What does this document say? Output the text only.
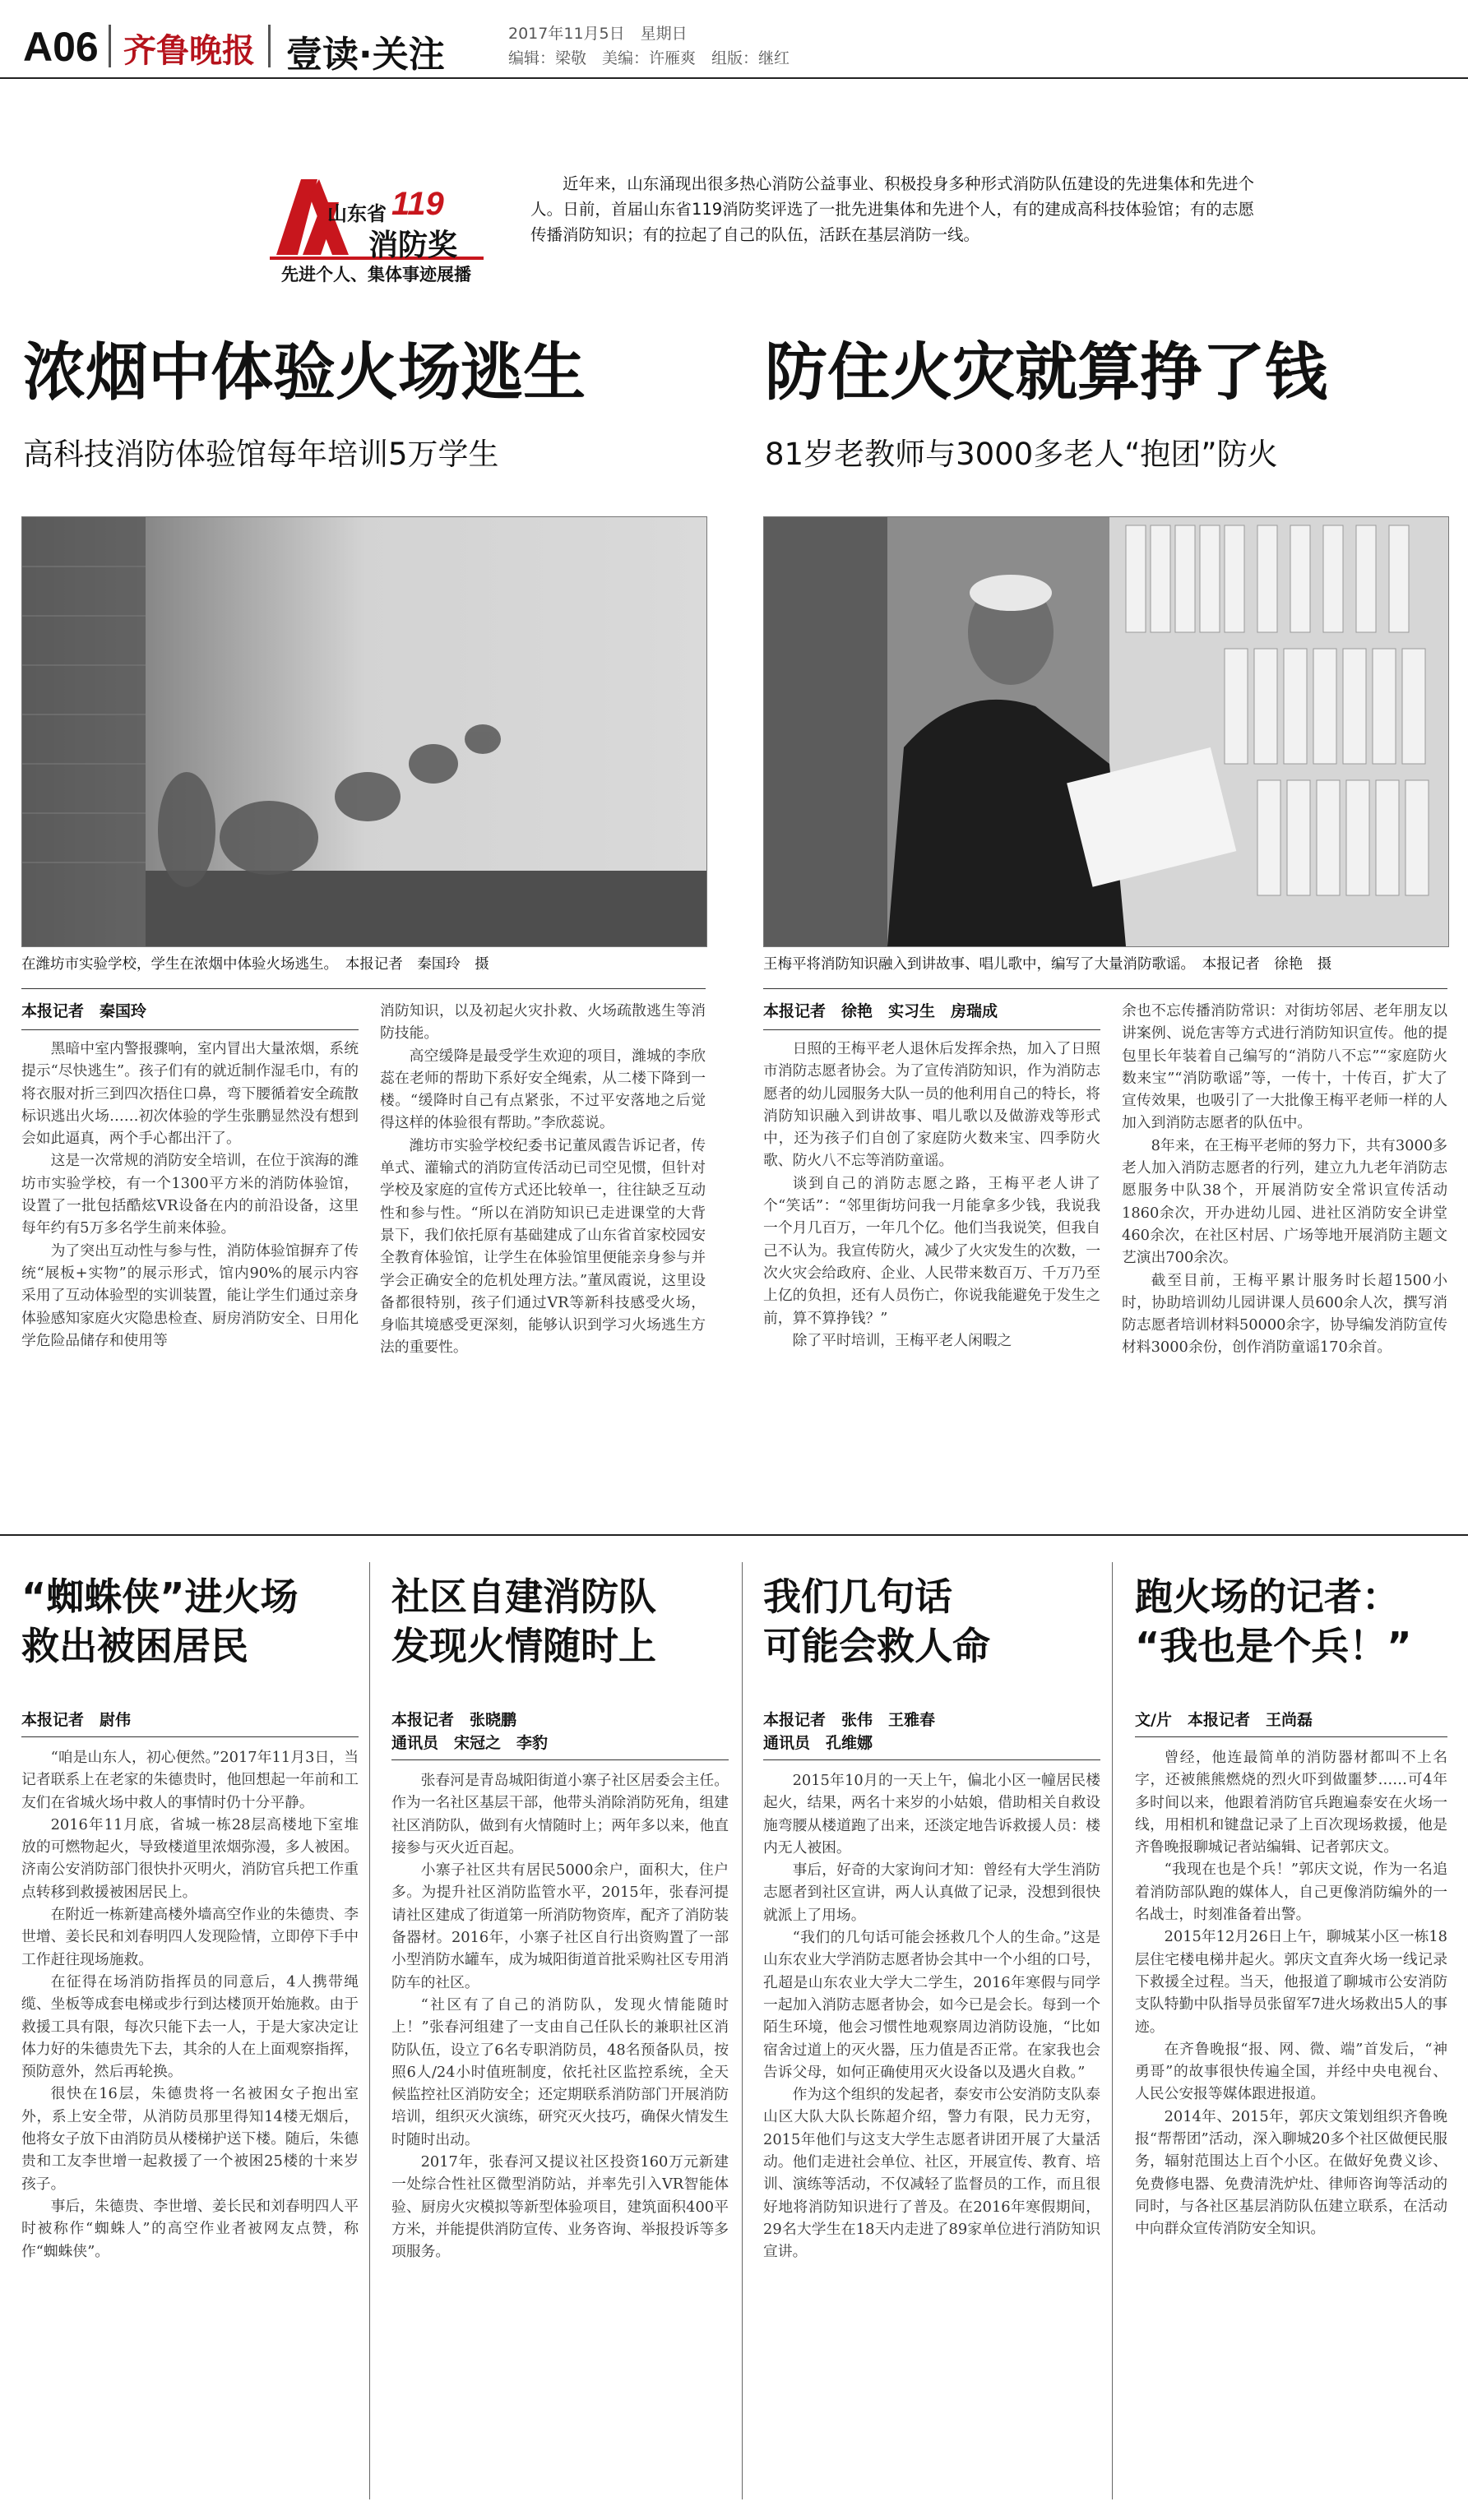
A06 齐鲁晚报 壹读·关注	2017年11月5日　星期日
编辑：梁敬　美编：许雁爽　组版：继红
山东省 119
消防奖
先进个人、集体事迹展播
近年来，山东涌现出很多热心消防公益事业、积极投身多种形式消防队伍建设的先进集体和先进个人。日前，首届山东省119消防奖评选了一批先进集体和先进个人，有的建成高科技体验馆；有的志愿传播消防知识；有的拉起了自己的队伍，活跃在基层消防一线。
浓烟中体验火场逃生
高科技消防体验馆每年培训5万学生
在潍坊市实验学校，学生在浓烟中体验火场逃生。　本报记者　秦国玲　摄
本报记者　秦国玲

黑暗中室内警报骤响，室内冒出大量浓烟，系统提示“尽快逃生”。孩子们有的就近制作湿毛巾，有的将衣服对折三到四次捂住口鼻，弯下腰循着安全疏散标识逃出火场……初次体验的学生张鹏显然没有想到会如此逼真，两个手心都出汗了。

这是一次常规的消防安全培训，在位于滨海的潍坊市实验学校，有一个1300平方米的消防体验馆，设置了一批包括酷炫VR设备在内的前沿设备，这里每年约有5万多名学生前来体验。

为了突出互动性与参与性，消防体验馆摒弃了传统“展板+实物”的展示形式，馆内90%的展示内容采用了互动体验型的实训装置，能让学生们通过亲身体验感知家庭火灾隐患检查、厨房消防安全、日用化学危险品储存和使用等

消防知识，以及初起火灾扑救、火场疏散逃生等消防技能。

高空缓降是最受学生欢迎的项目，潍城的李欣蕊在老师的帮助下系好安全绳索，从二楼下降到一楼。“缓降时自己有点紧张，不过平安落地之后觉得这样的体验很有帮助。”李欣蕊说。

潍坊市实验学校纪委书记董凤霞告诉记者，传单式、灌输式的消防宣传活动已司空见惯，但针对学校及家庭的宣传方式还比较单一，往往缺乏互动性和参与性。“所以在消防知识已走进课堂的大背景下，我们依托原有基础建成了山东省首家校园安全教育体验馆，让学生在体验馆里便能亲身参与并学会正确安全的危机处理方法。”董凤霞说，这里设备都很特别，孩子们通过VR等新科技感受火场，身临其境感受更深刻，能够认识到学习火场逃生方法的重要性。

防住火灾就算挣了钱
81岁老教师与3000多老人“抱团”防火
王梅平将消防知识融入到讲故事、唱儿歌中，编写了大量消防歌谣。　本报记者　徐艳　摄
本报记者　徐艳　实习生　房瑞成

日照的王梅平老人退休后发挥余热，加入了日照市消防志愿者协会。为了宣传消防知识，作为消防志愿者的幼儿园服务大队一员的他利用自己的特长，将消防知识融入到讲故事、唱儿歌以及做游戏等形式中，还为孩子们自创了家庭防火数来宝、四季防火歌、防火八不忘等消防童谣。

谈到自己的消防志愿之路，王梅平老人讲了个“笑话”：“邻里街坊问我一月能拿多少钱，我说我一个月几百万，一年几个亿。他们当我说笑，但我自己不认为。我宣传防火，减少了火灾发生的次数，一次火灾会给政府、企业、人民带来数百万、千万乃至上亿的负担，还有人员伤亡，你说我能避免于发生之前，算不算挣钱？”

除了平时培训，王梅平老人闲暇之

余也不忘传播消防常识：对街坊邻居、老年朋友以讲案例、说危害等方式进行消防知识宣传。他的提包里长年装着自己编写的“消防八不忘”“家庭防火数来宝”“消防歌谣”等，一传十，十传百，扩大了宣传效果，也吸引了一大批像王梅平老师一样的人加入到消防志愿者的队伍中。

8年来，在王梅平老师的努力下，共有3000多老人加入消防志愿者的行列，建立九九老年消防志愿服务中队38个，开展消防安全常识宣传活动1860余次，开办进幼儿园、进社区消防安全讲堂460余次，在社区村居、广场等地开展消防主题文艺演出700余次。

截至目前，王梅平累计服务时长超1500小时，协助培训幼儿园讲课人员600余人次，撰写消防志愿者培训材料50000余字，协导编发消防宣传材料3000余份，创作消防童谣170余首。

“蜘蛛侠”进火场
救出被困居民
本报记者　尉伟

“咱是山东人，初心便然。”2017年11月3日，当记者联系上在老家的朱德贵时，他回想起一年前和工友们在省城火场中救人的事情时仍十分平静。

2016年11月底，省城一栋28层高楼地下室堆放的可燃物起火，导致楼道里浓烟弥漫，多人被困。济南公安消防部门很快扑灭明火，消防官兵把工作重点转移到救援被困居民上。

在附近一栋新建高楼外墙高空作业的朱德贵、李世增、姜长民和刘春明四人发现险情，立即停下手中工作赶往现场施救。

在征得在场消防指挥员的同意后，4人携带绳缆、坐板等成套电梯或步行到达楼顶开始施救。由于救援工具有限，每次只能下去一人，于是大家决定让体力好的朱德贵先下去，其余的人在上面观察指挥，预防意外，然后再轮换。

很快在16层，朱德贵将一名被困女子抱出室外，系上安全带，从消防员那里得知14楼无烟后，他将女子放下由消防员从楼梯护送下楼。随后，朱德贵和工友李世增一起救援了一个被困25楼的十来岁孩子。

事后，朱德贵、李世增、姜长民和刘春明四人平时被称作“蜘蛛人”的高空作业者被网友点赞，称作“蜘蛛侠”。

社区自建消防队
发现火情随时上
本报记者　张晓鹏
通讯员　宋冠之　李豹

张春河是青岛城阳街道小寨子社区居委会主任。作为一名社区基层干部，他带头消除消防死角，组建社区消防队，做到有火情随时上；两年多以来，他直接参与灭火近百起。

小寨子社区共有居民5000余户，面积大，住户多。为提升社区消防监管水平，2015年，张春河提请社区建成了街道第一所消防物资库，配齐了消防装备器材。2016年，小寨子社区自行出资购置了一部小型消防水罐车，成为城阳街道首批采购社区专用消防车的社区。

“社区有了自己的消防队，发现火情能随时上！”张春河组建了一支由自己任队长的兼职社区消防队伍，设立了6名专职消防员，48名预备队员，按照6人/24小时值班制度，依托社区监控系统，全天候监控社区消防安全；还定期联系消防部门开展消防培训，组织灭火演练，研究灭火技巧，确保火情发生时随时出动。

2017年，张春河又提议社区投资160万元新建一处综合性社区微型消防站，并率先引入VR智能体验、厨房火灾模拟等新型体验项目，建筑面积400平方米，并能提供消防宣传、业务咨询、举报投诉等多项服务。

我们几句话
可能会救人命
本报记者　张伟　王雅春
通讯员　孔维娜

2015年10月的一天上午，偏北小区一幢居民楼起火，结果，两名十来岁的小姑娘，借助相关自救设施弯腰从楼道跑了出来，还淡定地告诉救援人员：楼内无人被困。

事后，好奇的大家询问才知：曾经有大学生消防志愿者到社区宣讲，两人认真做了记录，没想到很快就派上了用场。

“我们的几句话可能会拯救几个人的生命。”这是山东农业大学消防志愿者协会其中一个小组的口号，孔超是山东农业大学大二学生，2016年寒假与同学一起加入消防志愿者协会，如今已是会长。每到一个陌生环境，他会习惯性地观察周边消防设施，“比如宿舍过道上的灭火器，压力值是否正常。在家我也会告诉父母，如何正确使用灭火设备以及遇火自救。”

作为这个组织的发起者，泰安市公安消防支队泰山区大队大队长陈超介绍，警力有限，民力无穷，2015年他们与这支大学生志愿者讲团开展了大量活动。他们走进社会单位、社区，开展宣传、教育、培训、演练等活动，不仅减轻了监督员的工作，而且很好地将消防知识进行了普及。在2016年寒假期间，29名大学生在18天内走进了89家单位进行消防知识宣讲。

跑火场的记者：
“我也是个兵！”
文/片　本报记者　王尚磊

曾经，他连最简单的消防器材都叫不上名字，还被熊熊燃烧的烈火吓到做噩梦……可4年多时间以来，他跟着消防官兵跑遍泰安在火场一线，用相机和键盘记录了上百次现场救援，他是齐鲁晚报聊城记者站编辑、记者郭庆文。

“我现在也是个兵！”郭庆文说，作为一名追着消防部队跑的媒体人，自己更像消防编外的一名战士，时刻准备着出警。

2015年12月26日上午，聊城某小区一栋18层住宅楼电梯井起火。郭庆文直奔火场一线记录下救援全过程。当天，他报道了聊城市公安消防支队特勤中队指导员张留军7进火场救出5人的事迹。

在齐鲁晚报“报、网、微、端”首发后，“神勇哥”的故事很快传遍全国，并经中央电视台、人民公安报等媒体跟进报道。

2014年、2015年，郭庆文策划组织齐鲁晚报“帮帮团”活动，深入聊城20多个社区做便民服务，辐射范围达上百个小区。在做好免费义诊、免费修电器、免费清洗炉灶、律师咨询等活动的同时，与各社区基层消防队伍建立联系，在活动中向群众宣传消防安全知识。
